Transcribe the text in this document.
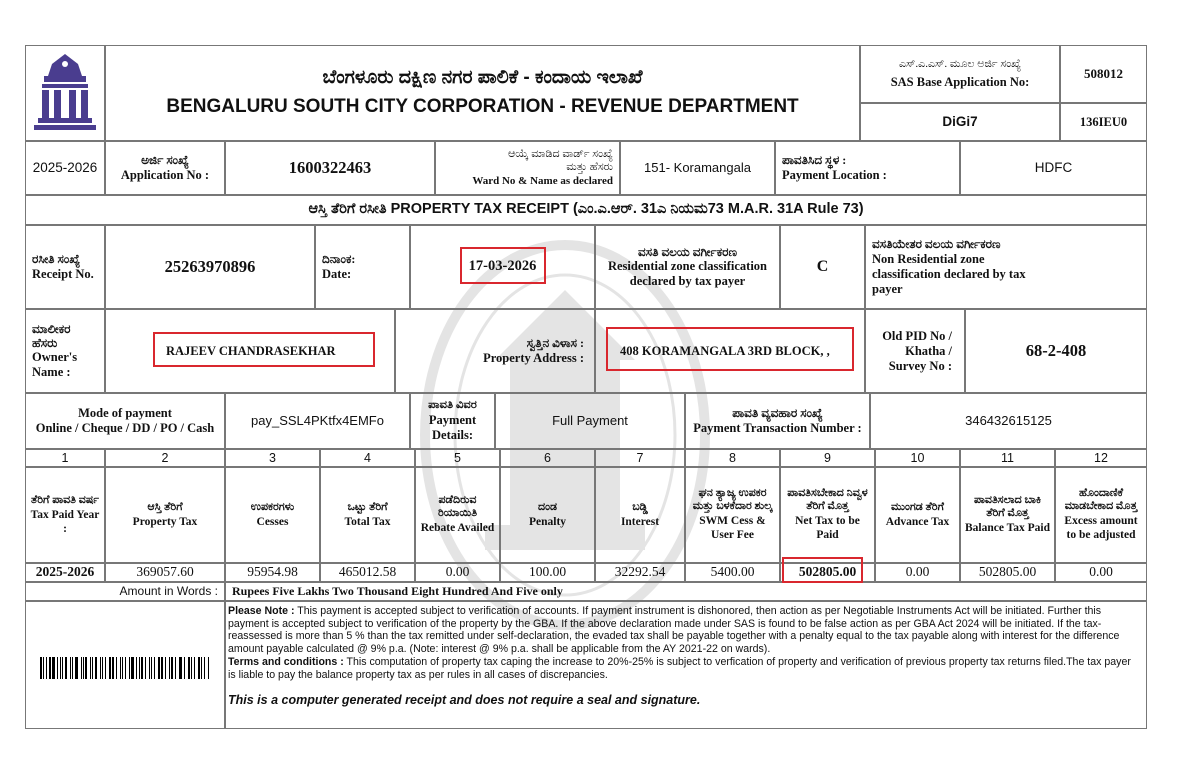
ಬೆಂಗಳೂರು ದಕ್ಷಿಣ ನಗರ ಪಾಲಿಕೆ - ಕಂದಾಯ ಇಲಾಖೆ
BENGALURU SOUTH CITY CORPORATION - REVENUE DEPARTMENT
ಎಸ್.ಎ.ಎಸ್. ಮೂಲ ಅರ್ಜಿ ಸಂಖ್ಯೆ
SAS Base Application No:
508012
DiGi7	136IEU0
2025-2026	ಅರ್ಜಿ ಸಂಖ್ಯೆ
Application No :	1600322463
ಆಯ್ಕೆ ಮಾಡಿದ ವಾರ್ಡ್ ಸಂಖ್ಯೆ
ಮತ್ತು ಹೆಸರು
Ward No & Name as declared
151- Koramangala	ಪಾವತಿಸಿದ ಸ್ಥಳ :
Payment Location :	HDFC
ಆಸ್ತಿ ತೆರಿಗೆ ರಸೀತಿ PROPERTY TAX RECEIPT (ಎಂ.ಎ.ಆರ್. 31ಎ ನಿಯಮ73 M.A.R. 31A Rule 73)
ರಸೀತಿ ಸಂಖ್ಯೆ
Receipt No.	25263970896	ದಿನಾಂಕ:
Date:	17-03-2026
ವಸತಿ ವಲಯ ವರ್ಗೀಕರಣ
Residential zone classification declared by tax payer
C
ವಸತಿಯೇತರ ವಲಯ ವರ್ಗೀಕರಣ
Non Residential zone classification declared by tax payer
ಮಾಲೀಕರ
ಹೆಸರು
Owner's
Name :
RAJEEV CHANDRASEKHAR
ಸ್ವತ್ತಿನ ವಿಳಾಸ :
Property Address :
408 KORAMANGALA 3RD BLOCK, ,
Old PID No /
Khatha /
Survey No :
68-2-408
Mode of payment
Online / Cheque / DD / PO / Cash	pay_SSL4PKtfx4EMFo
ಪಾವತಿ ವಿವರ
Payment
Details:
Full Payment	ಪಾವತಿ ವ್ಯವಹಾರ ಸಂಖ್ಯೆ
Payment Transaction Number :	346432615125
1	2	3	4	5	6	7	8	9	10	11	12
ತೆರಿಗೆ ಪಾವತಿ ವರ್ಷ
Tax Paid Year :
ಆಸ್ತಿ ತೆರಿಗೆ
Property Tax
ಉಪಕರಗಳು
Cesses
ಒಟ್ಟು ತೆರಿಗೆ
Total Tax
ಪಡೆದಿರುವ ರಿಯಾಯಿತಿ
Rebate Availed
ದಂಡ
Penalty
ಬಡ್ಡಿ
Interest
ಘನ ತ್ಯಾಜ್ಯ ಉಪಕರ ಮತ್ತು ಬಳಕೆದಾರ ಶುಲ್ಕ
SWM Cess & User Fee
ಪಾವತಿಸಬೇಕಾದ ನಿವ್ವಳ ತೆರಿಗೆ ಮೊತ್ತ
Net Tax to be Paid
ಮುಂಗಡ ತೆರಿಗೆ
Advance Tax
ಪಾವತಿಸಲಾದ ಬಾಕಿ ತೆರಿಗೆ ಮೊತ್ತ
Balance Tax Paid
ಹೊಂದಾಣಿಕೆ ಮಾಡಬೇಕಾದ ಮೊತ್ತ
Excess amount to be adjusted
2025-2026	369057.60	95954.98	465012.58	0.00	100.00	32292.54	5400.00	502805.00	0.00	502805.00	0.00
Amount in Words :	Rupees Five Lakhs Two Thousand Eight Hundred And Five only

Please Note : This payment is accepted subject to verification of accounts. If payment instrument is dishonored, then action as per Negotiable Instruments Act will be initiated. Further this payment is accepted subject to verification of the property by the GBA. If the above declaration made under SAS is found to be false action as per GBA Act 2024 will be initiated. If the tax-reassessed is more than 5 % than the tax remitted under self-declaration, the evaded tax shall be payable together with a penalty equal to the tax payable along with interest for the difference amount payable calculated @ 9% p.a. (Note: interest @ 9% p.a. shall be applicable from the AY 2021-22 on wards).

Terms and conditions : This computation of property tax caping the increase to 20%-25% is subject to verfication of property and verification of previous property tax returns filed.The tax payer is liable to pay the balance property tax as per rules in all cases of discrepancies.

This is a computer generated receipt and does not require a seal and signature.
